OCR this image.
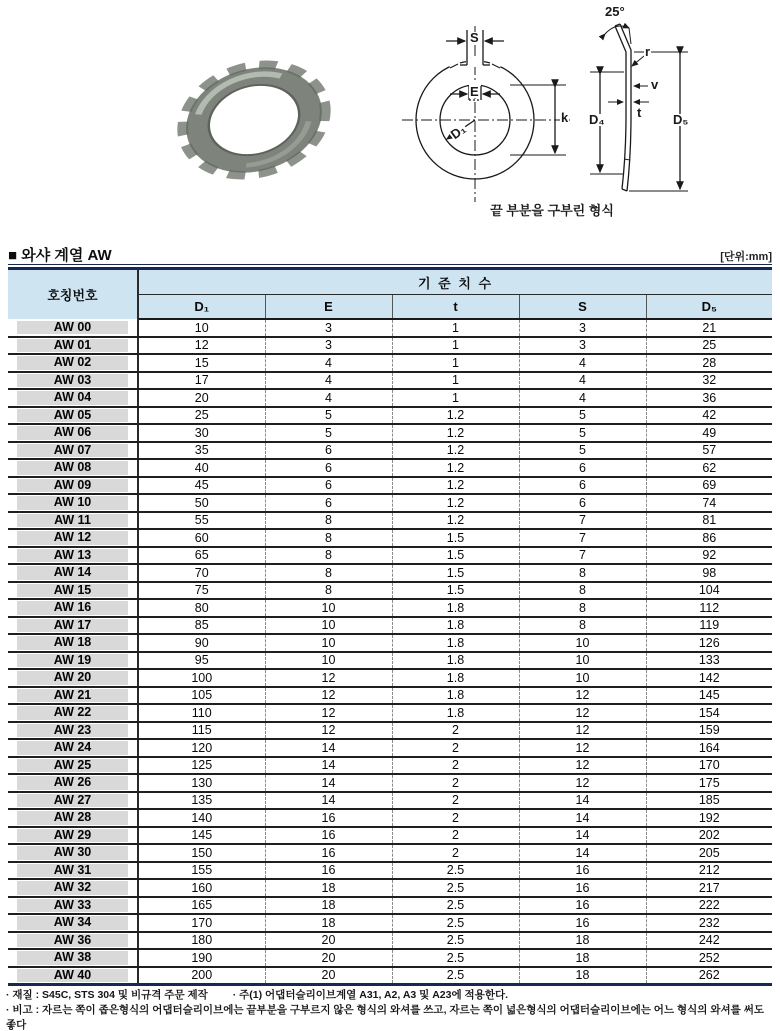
S
E
D₁
k
25°
r
v
t
D₄	D₅
끝 부분을 구부린 형식
■ 와샤 계열 AW	[단위:mm]
호칭번호	기 준 치 수				
	D₁	E	t	S	D₅

AW 00	10	3	1	3	21

AW 01	12	3	1	3	25

AW 02	15	4	1	4	28

AW 03	17	4	1	4	32

AW 04	20	4	1	4	36

AW 05	25	5	1.2	5	42

AW 06	30	5	1.2	5	49

AW 07	35	6	1.2	5	57

AW 08	40	6	1.2	6	62

AW 09	45	6	1.2	6	69

AW 10	50	6	1.2	6	74

AW 11	55	8	1.2	7	81

AW 12	60	8	1.5	7	86

AW 13	65	8	1.5	7	92

AW 14	70	8	1.5	8	98

AW 15	75	8	1.5	8	104

AW 16	80	10	1.8	8	112

AW 17	85	10	1.8	8	119

AW 18	90	10	1.8	10	126

AW 19	95	10	1.8	10	133

AW 20	100	12	1.8	10	142

AW 21	105	12	1.8	12	145

AW 22	110	12	1.8	12	154

AW 23	115	12	2	12	159

AW 24	120	14	2	12	164

AW 25	125	14	2	12	170

AW 26	130	14	2	12	175

AW 27	135	14	2	14	185

AW 28	140	16	2	14	192

AW 29	145	16	2	14	202

AW 30	150	16	2	14	205

AW 31	155	16	2.5	16	212

AW 32	160	18	2.5	16	217

AW 33	165	18	2.5	16	222

AW 34	170	18	2.5	16	232

AW 36	180	20	2.5	18	242

AW 38	190	20	2.5	18	252

AW 40	200	20	2.5	18	262
· 재질 : S45C, STS 304 및 비규격 주문 제작 · 주(1) 어댑터슬리이브계열 A31, A2, A3 및 A23에 적용한다.
· 비고 : 자르는 쪽이 좁은형식의 어댑터슬리이브에는 끝부분을 구부르지 않은 형식의 와셔를 쓰고, 자르는 쪽이 넓은형식의 어댑터슬리이브에는 어느 형식의 와셔를 써도 좋다
